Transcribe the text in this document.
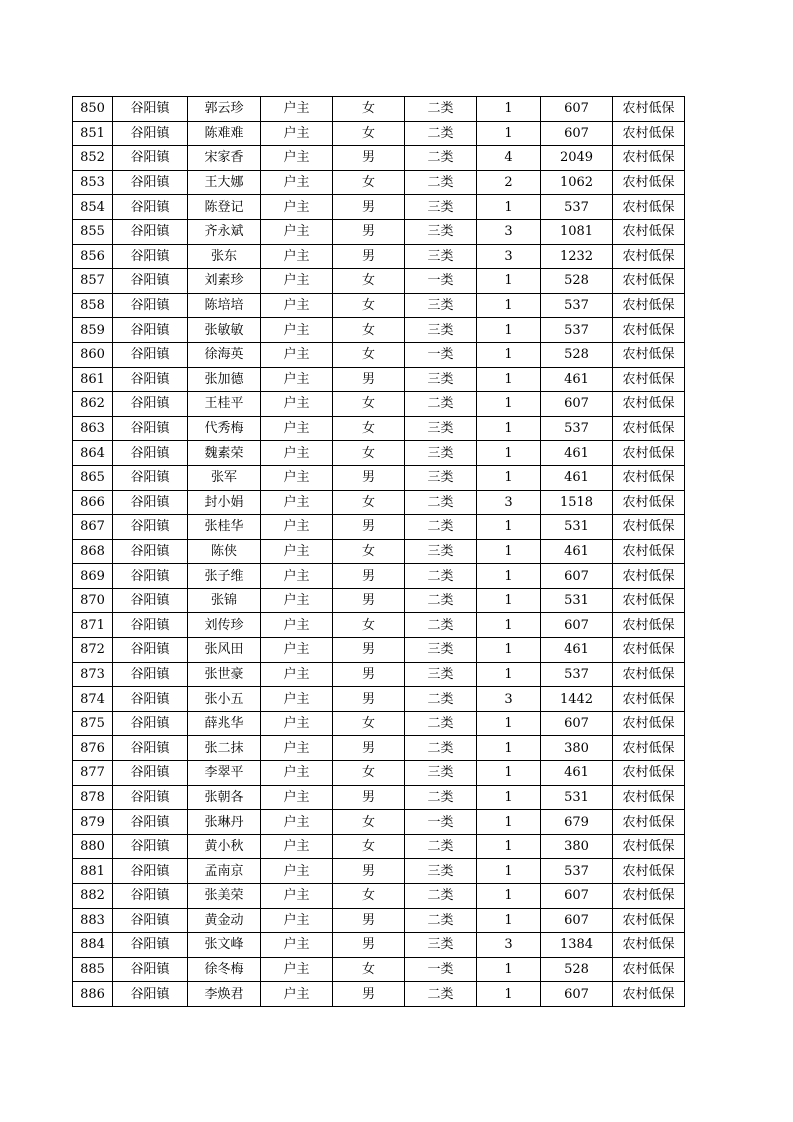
850	谷阳镇	郭云珍	户主	女	二类	1	607	农村低保
851	谷阳镇	陈难难	户主	女	二类	1	607	农村低保
852	谷阳镇	宋家香	户主	男	二类	4	2049	农村低保
853	谷阳镇	王大娜	户主	女	二类	2	1062	农村低保
854	谷阳镇	陈登记	户主	男	三类	1	537	农村低保
855	谷阳镇	齐永斌	户主	男	三类	3	1081	农村低保
856	谷阳镇	张东	户主	男	三类	3	1232	农村低保
857	谷阳镇	刘素珍	户主	女	一类	1	528	农村低保
858	谷阳镇	陈培培	户主	女	三类	1	537	农村低保
859	谷阳镇	张敏敏	户主	女	三类	1	537	农村低保
860	谷阳镇	徐海英	户主	女	一类	1	528	农村低保
861	谷阳镇	张加德	户主	男	三类	1	461	农村低保
862	谷阳镇	王桂平	户主	女	二类	1	607	农村低保
863	谷阳镇	代秀梅	户主	女	三类	1	537	农村低保
864	谷阳镇	魏素荣	户主	女	三类	1	461	农村低保
865	谷阳镇	张军	户主	男	三类	1	461	农村低保
866	谷阳镇	封小娟	户主	女	二类	3	1518	农村低保
867	谷阳镇	张桂华	户主	男	二类	1	531	农村低保
868	谷阳镇	陈侠	户主	女	三类	1	461	农村低保
869	谷阳镇	张子维	户主	男	二类	1	607	农村低保
870	谷阳镇	张锦	户主	男	二类	1	531	农村低保
871	谷阳镇	刘传珍	户主	女	二类	1	607	农村低保
872	谷阳镇	张风田	户主	男	三类	1	461	农村低保
873	谷阳镇	张世豪	户主	男	三类	1	537	农村低保
874	谷阳镇	张小五	户主	男	二类	3	1442	农村低保
875	谷阳镇	薛兆华	户主	女	二类	1	607	农村低保
876	谷阳镇	张二抹	户主	男	二类	1	380	农村低保
877	谷阳镇	李翠平	户主	女	三类	1	461	农村低保
878	谷阳镇	张朝各	户主	男	二类	1	531	农村低保
879	谷阳镇	张琳丹	户主	女	一类	1	679	农村低保
880	谷阳镇	黄小秋	户主	女	二类	1	380	农村低保
881	谷阳镇	孟南京	户主	男	三类	1	537	农村低保
882	谷阳镇	张美荣	户主	女	二类	1	607	农村低保
883	谷阳镇	黄金动	户主	男	二类	1	607	农村低保
884	谷阳镇	张文峰	户主	男	三类	3	1384	农村低保
885	谷阳镇	徐冬梅	户主	女	一类	1	528	农村低保
886	谷阳镇	李焕君	户主	男	二类	1	607	农村低保
